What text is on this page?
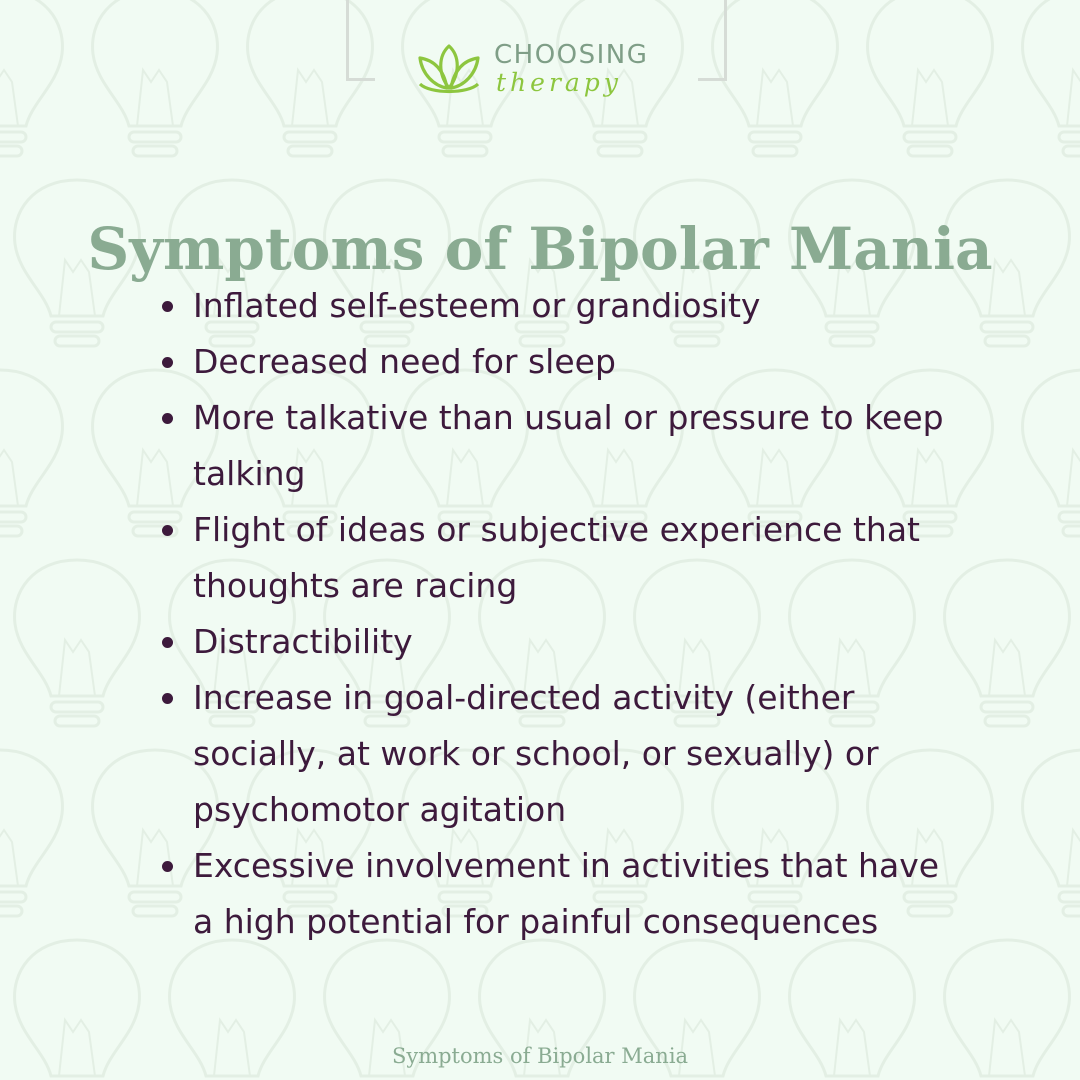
CHOOSING
therapy
Symptoms of Bipolar Mania
Inflated self-esteem or grandiosity
Decreased need for sleep
More talkative than usual or pressure to keep talking
Flight of ideas or subjective experience that thoughts are racing
Distractibility
Increase in goal-directed activity (either socially, at work or school, or sexually) or psychomotor agitation
Excessive involvement in activities that have a high potential for painful consequences
Symptoms of Bipolar Mania
